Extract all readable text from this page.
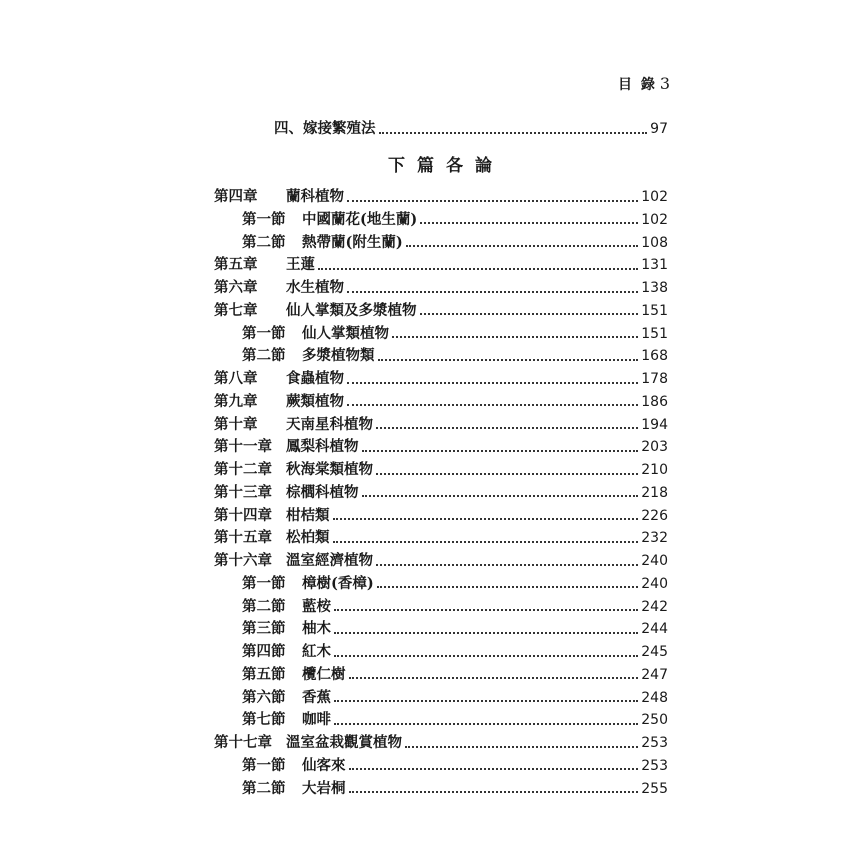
目 錄 3
四、嫁接繁殖法	97
下篇各論
第四章	蘭科植物	102
第一節	中國蘭花(地生蘭)	102
第二節	熱帶蘭(附生蘭)	108
第五章	王蓮	131
第六章	水生植物	138
第七章	仙人掌類及多漿植物	151
第一節	仙人掌類植物	151
第二節	多漿植物類	168
第八章	食蟲植物	178
第九章	蕨類植物	186
第十章	天南星科植物	194
第十一章 鳳梨科植物	203
第十二章 秋海棠類植物	210
第十三章 棕櫚科植物	218
第十四章 柑桔類	226
第十五章 松柏類	232
第十六章 溫室經濟植物	240
第一節	樟樹(香樟)	240
第二節	藍桉	242
第三節	柚木	244
第四節	紅木	245
第五節	欖仁樹	247
第六節	香蕉	248
第七節	咖啡	250
第十七章 溫室盆栽觀賞植物	253
第一節	仙客來	253
第二節	大岩桐	255
